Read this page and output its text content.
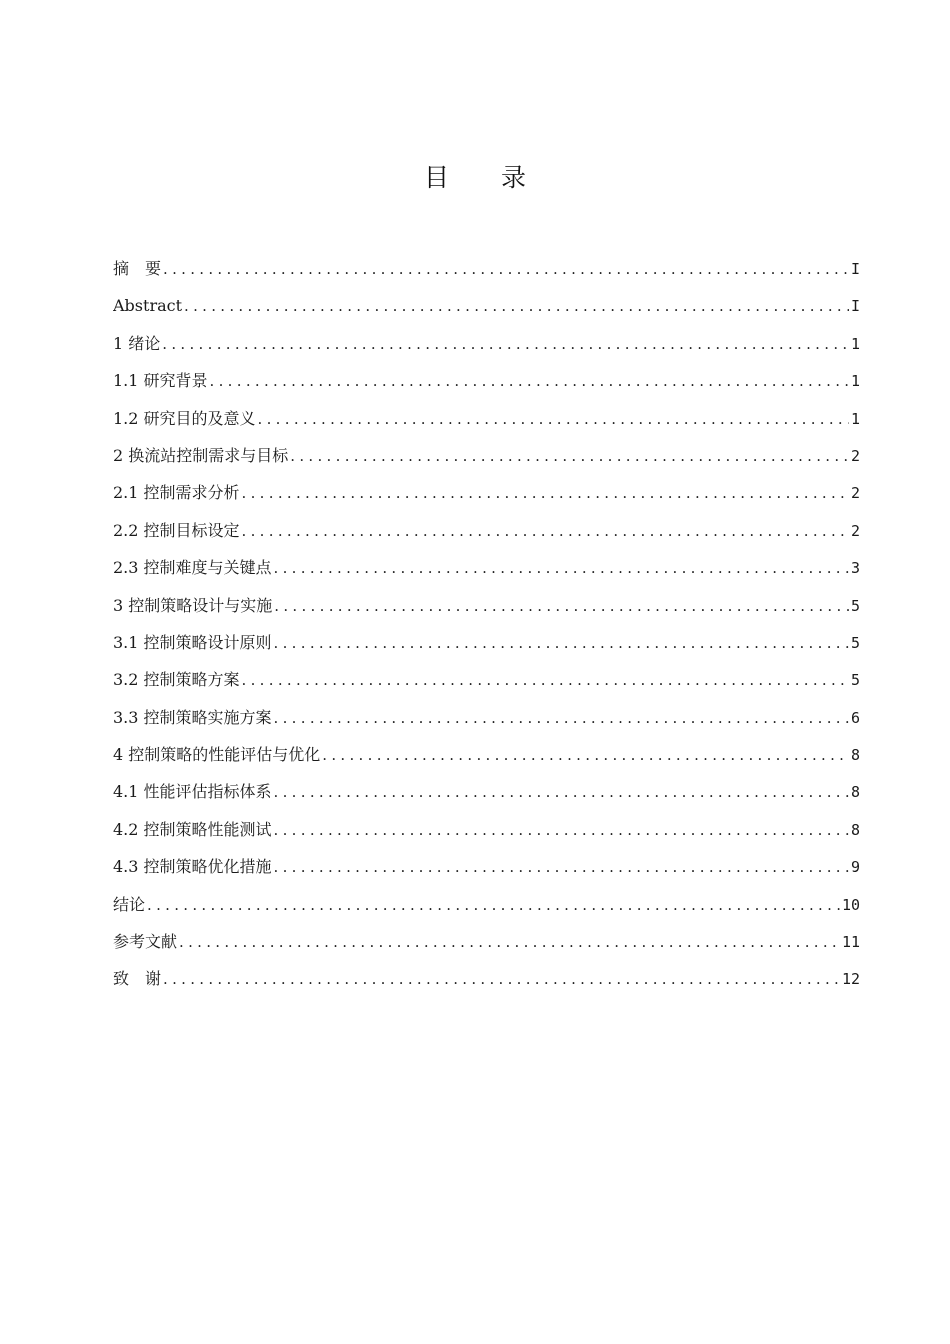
目 录
摘　要 .....	I
Abstract .....	I
1 绪论 .....	1
1.1 研究背景 .....	1
1.2 研究目的及意义 .....	1
2 换流站控制需求与目标 .....	2
2.1 控制需求分析 .....	2
2.2 控制目标设定 .....	2
2.3 控制难度与关键点 .....	3
3 控制策略设计与实施 .....	5
3.1 控制策略设计原则 .....	5
3.2 控制策略方案 .....	5
3.3 控制策略实施方案 .....	6
4 控制策略的性能评估与优化 .....	8
4.1 性能评估指标体系 .....	8
4.2 控制策略性能测试 .....	8
4.3 控制策略优化措施 .....	9
结论 .....	10
参考文献 .....	11
致　谢 .....	12
